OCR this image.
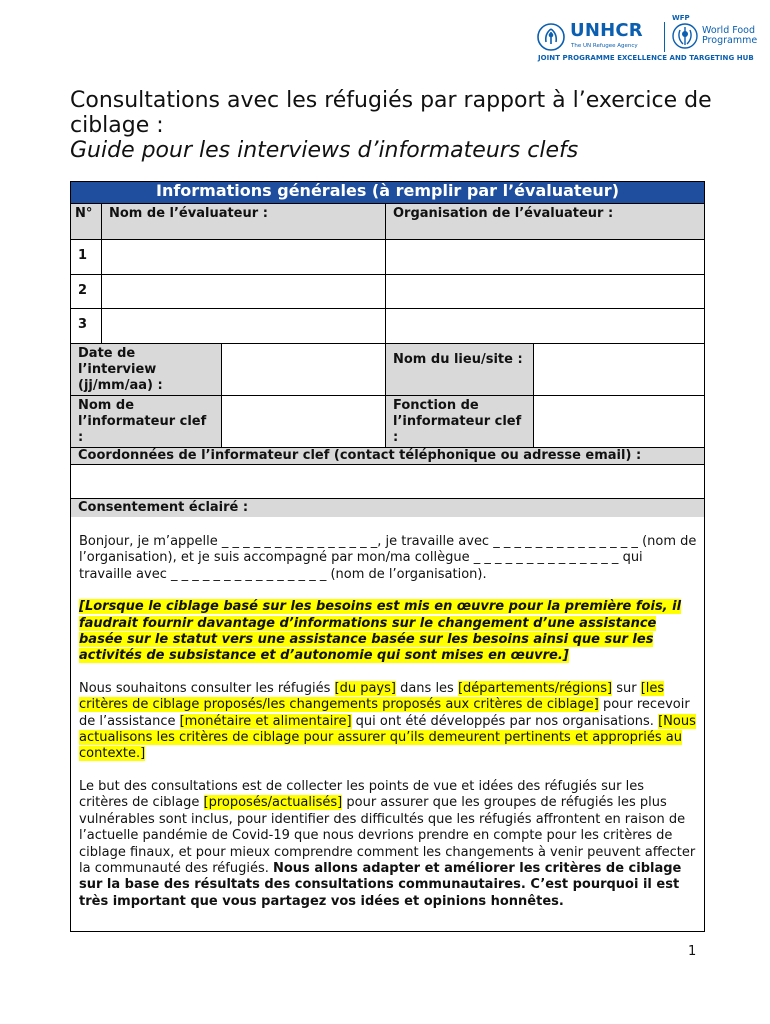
UNHCR
The UN Refugee Agency
WFP
World Food Programme
JOINT PROGRAMME EXCELLENCE AND TARGETING HUB
Consultations avec les réfugiés par rapport à l’exercice de ciblage :
Guide pour les interviews d’informateurs clefs
Informations générales (à remplir par l’évaluateur)
N°	Nom de l’évaluateur :	Organisation de l’évaluateur :
1
2
3
Date de l’interview (jj/mm/aa) :
Nom du lieu/site :
Nom de l’informateur clef :
Fonction de l’informateur clef :
Coordonnées de l’informateur clef (contact téléphonique ou adresse email) :
Consentement éclairé :

Bonjour, je m’appelle _ _ _ _ _ _ _ _ _ _ _ _ _ _ _, je travaille avec _ _ _ _ _ _ _ _ _ _ _ _ _ _ (nom de l’organisation), et je suis accompagné par mon/ma collègue _ _ _ _ _ _ _ _ _ _ _ _ _ _ qui travaille avec _ _ _ _ _ _ _ _ _ _ _ _ _ _ _ (nom de l’organisation).

[Lorsque le ciblage basé sur les besoins est mis en œuvre pour la première fois, il faudrait fournir davantage d’informations sur le changement d’une assistance basée sur le statut vers une assistance basée sur les besoins ainsi que sur les activités de subsistance et d’autonomie qui sont mises en œuvre.]

Nous souhaitons consulter les réfugiés [du pays] dans les [départements/régions] sur [les critères de ciblage proposés/les changements proposés aux critères de ciblage] pour recevoir de l’assistance [monétaire et alimentaire] qui ont été développés par nos organisations. [Nous actualisons les critères de ciblage pour assurer qu’ils demeurent pertinents et appropriés au contexte.]

Le but des consultations est de collecter les points de vue et idées des réfugiés sur les critères de ciblage [proposés/actualisés] pour assurer que les groupes de réfugiés les plus vulnérables sont inclus, pour identifier des difficultés que les réfugiés affrontent en raison de l’actuelle pandémie de Covid-19 que nous devrions prendre en compte pour les critères de ciblage finaux, et pour mieux comprendre comment les changements à venir peuvent affecter la communauté des réfugiés. Nous allons adapter et améliorer les critères de ciblage sur la base des résultats des consultations communautaires. C’est pourquoi il est très important que vous partagez vos idées et opinions honnêtes.

1
